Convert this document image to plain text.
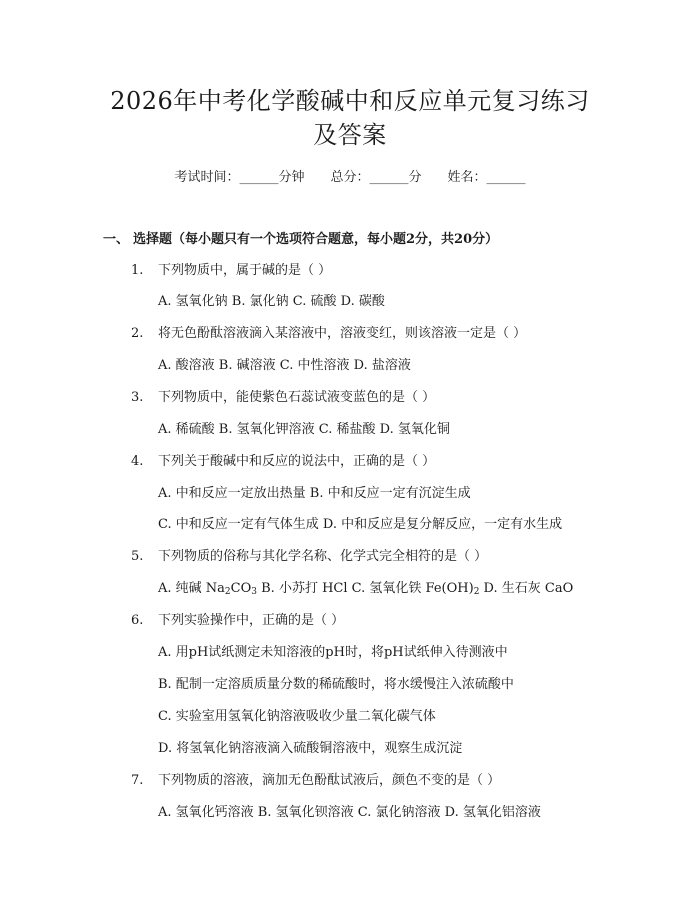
2026年中考化学酸碱中和反应单元复习练习
及答案
考试时间：______分钟 总分：______分 姓名：______
一、 选择题（每小题只有一个选项符合题意，每小题2分，共20分）
1. 下列物质中，属于碱的是（ ）
A. 氢氧化钠 B. 氯化钠 C. 硫酸 D. 碳酸
2. 将无色酚酞溶液滴入某溶液中，溶液变红，则该溶液一定是（ ）
A. 酸溶液 B. 碱溶液 C. 中性溶液 D. 盐溶液
3. 下列物质中，能使紫色石蕊试液变蓝色的是（ ）
A. 稀硫酸 B. 氢氧化钾溶液 C. 稀盐酸 D. 氢氧化铜
4. 下列关于酸碱中和反应的说法中，正确的是（ ）
A. 中和反应一定放出热量 B. 中和反应一定有沉淀生成
C. 中和反应一定有气体生成 D. 中和反应是复分解反应，一定有水生成
5. 下列物质的俗称与其化学名称、化学式完全相符的是（ ）
A. 纯碱 $Na_2CO_3$ B. 小苏打 HCl C. 氢氧化铁 $Fe(OH)_2$ D. 生石灰 CaO
6. 下列实验操作中，正确的是（ ）
A. 用pH试纸测定未知溶液的pH时，将pH试纸伸入待测液中
B. 配制一定溶质质量分数的稀硫酸时，将水缓慢注入浓硫酸中
C. 实验室用氢氧化钠溶液吸收少量二氧化碳气体
D. 将氢氧化钠溶液滴入硫酸铜溶液中，观察生成沉淀
7. 下列物质的溶液，滴加无色酚酞试液后，颜色不变的是（ ）
A. 氢氧化钙溶液 B. 氢氧化钡溶液 C. 氯化钠溶液 D. 氢氧化铝溶液
